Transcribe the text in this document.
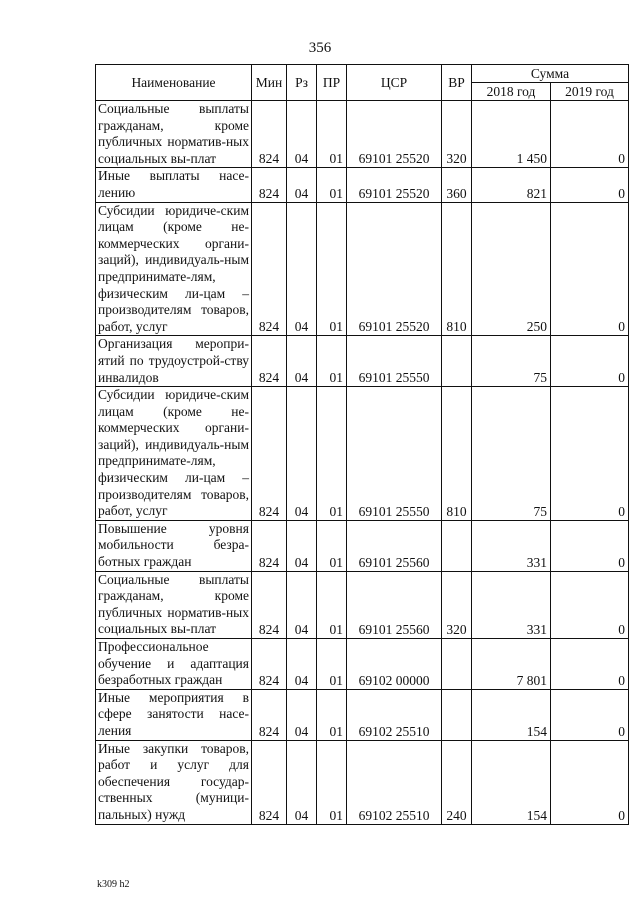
356
Наименование	Мин	Рз	ПР	ЦСР	ВР	Сумма	
						2018 год	2019 год
Социальные выплаты гражданам, кроме публичных норматив-ных социальных вы-плат	824	04	01	69101 25520	320	1 450	0
Иные выплаты насе-лению	824	04	01	69101 25520	360	821	0
Субсидии юридиче-ским лицам (кроме не-коммерческих органи-заций), индивидуаль-ным предпринимате-лям, физическим ли-цам – производителям товаров, работ, услуг	824	04	01	69101 25520	810	250	0
Организация меропри-ятий по трудоустрой-ству инвалидов	824	04	01	69101 25550		75	0
Субсидии юридиче-ским лицам (кроме не-коммерческих органи-заций), индивидуаль-ным предпринимате-лям, физическим ли-цам – производителям товаров, работ, услуг	824	04	01	69101 25550	810	75	0
Повышение уровня мобильности безра-ботных граждан	824	04	01	69101 25560		331	0
Социальные выплаты гражданам, кроме публичных норматив-ных социальных вы-плат	824	04	01	69101 25560	320	331	0
Профессиональное обучение и адаптация безработных граждан	824	04	01	69102 00000		7 801	0
Иные мероприятия в сфере занятости насе-ления	824	04	01	69102 25510		154	0
Иные закупки товаров, работ и услуг для обеспечения государ-ственных (муници-пальных) нужд	824	04	01	69102 25510	240	154	0
k309 h2
